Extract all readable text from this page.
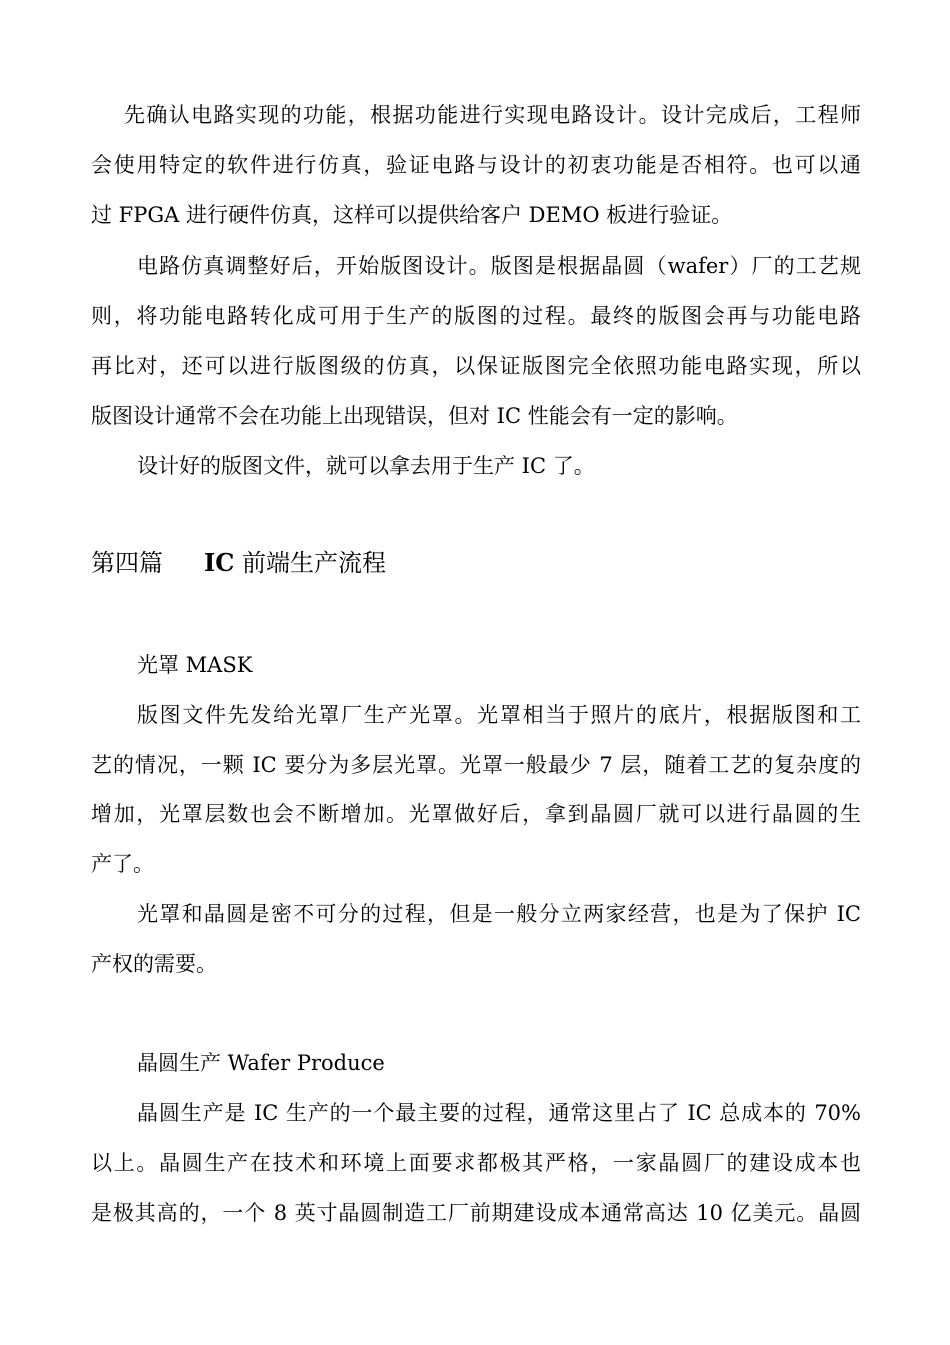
先确认电路实现的功能，根据功能进行实现电路设计。设计完成后，工程师
会使用特定的软件进行仿真，验证电路与设计的初衷功能是否相符。也可以通
过 FPGA 进行硬件仿真，这样可以提供给客户 DEMO 板进行验证。
电路仿真调整好后，开始版图设计。版图是根据晶圆（wafer）厂的工艺规
则，将功能电路转化成可用于生产的版图的过程。最终的版图会再与功能电路
再比对，还可以进行版图级的仿真，以保证版图完全依照功能电路实现，所以
版图设计通常不会在功能上出现错误，但对 IC 性能会有一定的影响。
设计好的版图文件，就可以拿去用于生产 IC 了。
第四篇 IC 前端生产流程
光罩 MASK
版图文件先发给光罩厂生产光罩。光罩相当于照片的底片，根据版图和工
艺的情况，一颗 IC 要分为多层光罩。光罩一般最少 7 层，随着工艺的复杂度的
增加，光罩层数也会不断增加。光罩做好后，拿到晶圆厂就可以进行晶圆的生
产了。
光罩和晶圆是密不可分的过程，但是一般分立两家经营，也是为了保护 IC
产权的需要。
晶圆生产 Wafer Produce
晶圆生产是 IC 生产的一个最主要的过程，通常这里占了 IC 总成本的 70%
以上。晶圆生产在技术和环境上面要求都极其严格，一家晶圆厂的建设成本也
是极其高的，一个 8 英寸晶圆制造工厂前期建设成本通常高达 10 亿美元。晶圆
